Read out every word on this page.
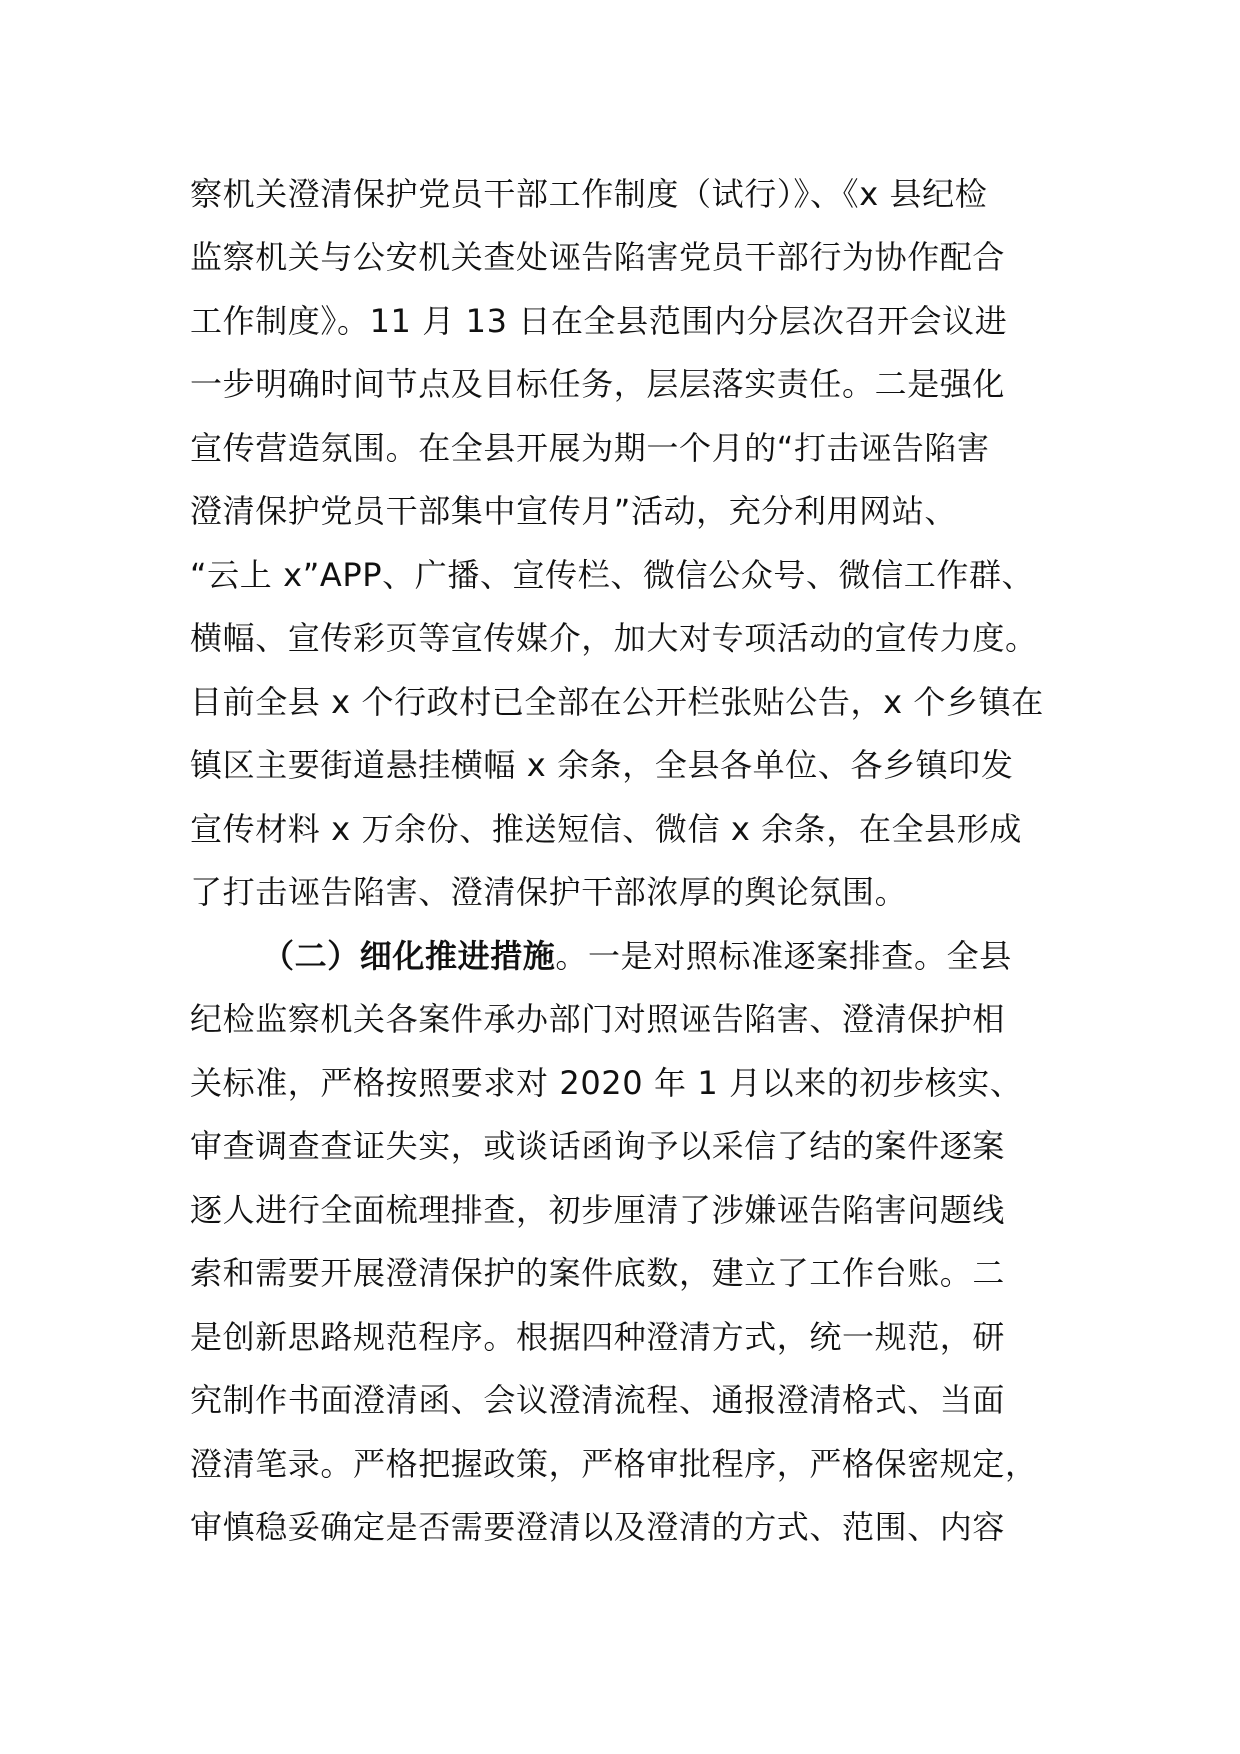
察机关澄清保护党员干部工作制度（试行）》、《x 县纪检
监察机关与公安机关查处诬告陷害党员干部行为协作配合
工作制度》。11 月 13 日在全县范围内分层次召开会议进
一步明确时间节点及目标任务，层层落实责任。二是强化
宣传营造氛围。在全县开展为期一个月的“打击诬告陷害
澄清保护党员干部集中宣传月”活动，充分利用网站、
“云上 x”APP、广播、宣传栏、微信公众号、微信工作群、
横幅、宣传彩页等宣传媒介，加大对专项活动的宣传力度。
目前全县 x 个行政村已全部在公开栏张贴公告，x 个乡镇在
镇区主要街道悬挂横幅 x 余条，全县各单位、各乡镇印发
宣传材料 x 万余份、推送短信、微信 x 余条，在全县形成
了打击诬告陷害、澄清保护干部浓厚的舆论氛围。
（二）细化推进措施。一是对照标准逐案排查。全县
纪检监察机关各案件承办部门对照诬告陷害、澄清保护相
关标准，严格按照要求对 2020 年 1 月以来的初步核实、
审查调查查证失实，或谈话函询予以采信了结的案件逐案
逐人进行全面梳理排查，初步厘清了涉嫌诬告陷害问题线
索和需要开展澄清保护的案件底数，建立了工作台账。二
是创新思路规范程序。根据四种澄清方式，统一规范，研
究制作书面澄清函、会议澄清流程、通报澄清格式、当面
澄清笔录。严格把握政策，严格审批程序，严格保密规定，
审慎稳妥确定是否需要澄清以及澄清的方式、范围、内容
